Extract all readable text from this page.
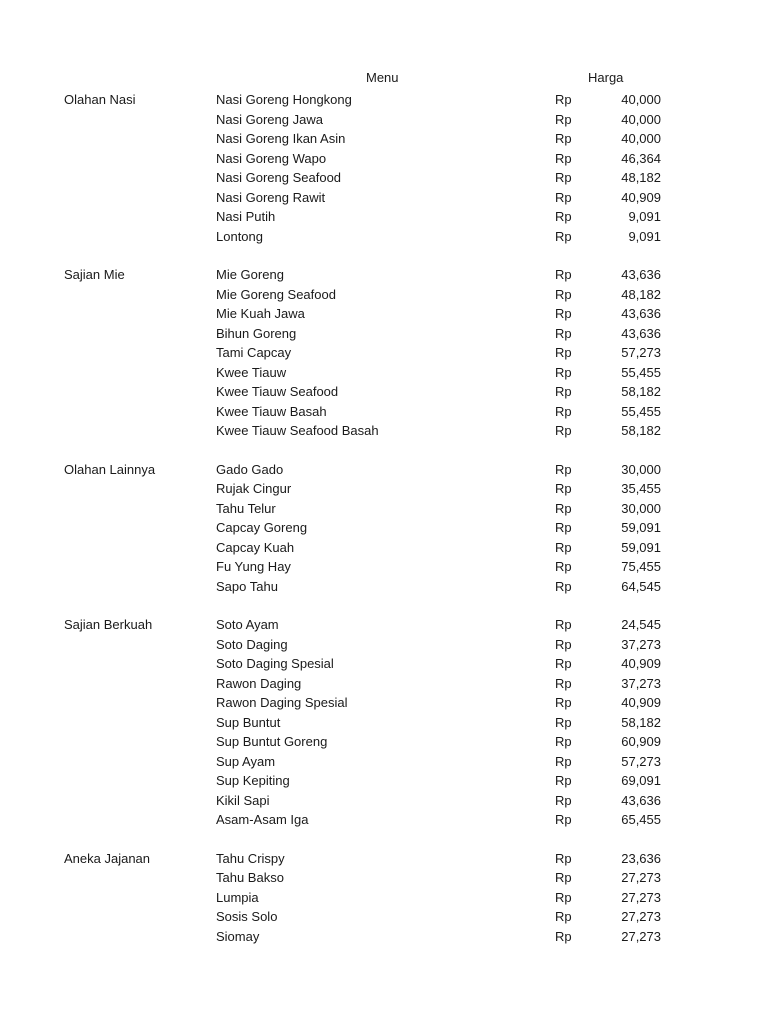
Menu	Harga
Olahan Nasi	Nasi Goreng Hongkong	Rp	40,000
Nasi Goreng Jawa	Rp	40,000
Nasi Goreng Ikan Asin	Rp	40,000
Nasi Goreng Wapo	Rp	46,364
Nasi Goreng Seafood	Rp	48,182
Nasi Goreng Rawit	Rp	40,909
Nasi Putih	Rp	9,091
Lontong	Rp	9,091
Sajian Mie	Mie Goreng	Rp	43,636
Mie Goreng Seafood	Rp	48,182
Mie Kuah Jawa	Rp	43,636
Bihun Goreng	Rp	43,636
Tami Capcay	Rp	57,273
Kwee Tiauw	Rp	55,455
Kwee Tiauw Seafood	Rp	58,182
Kwee Tiauw Basah	Rp	55,455
Kwee Tiauw Seafood Basah	Rp	58,182
Olahan Lainnya	Gado Gado	Rp	30,000
Rujak Cingur	Rp	35,455
Tahu Telur	Rp	30,000
Capcay Goreng	Rp	59,091
Capcay Kuah	Rp	59,091
Fu Yung Hay	Rp	75,455
Sapo Tahu	Rp	64,545
Sajian Berkuah	Soto Ayam	Rp	24,545
Soto Daging	Rp	37,273
Soto Daging Spesial	Rp	40,909
Rawon Daging	Rp	37,273
Rawon Daging Spesial	Rp	40,909
Sup Buntut	Rp	58,182
Sup Buntut Goreng	Rp	60,909
Sup Ayam	Rp	57,273
Sup Kepiting	Rp	69,091
Kikil Sapi	Rp	43,636
Asam-Asam Iga	Rp	65,455
Aneka Jajanan	Tahu Crispy	Rp	23,636
Tahu Bakso	Rp	27,273
Lumpia	Rp	27,273
Sosis Solo	Rp	27,273
Siomay	Rp	27,273
